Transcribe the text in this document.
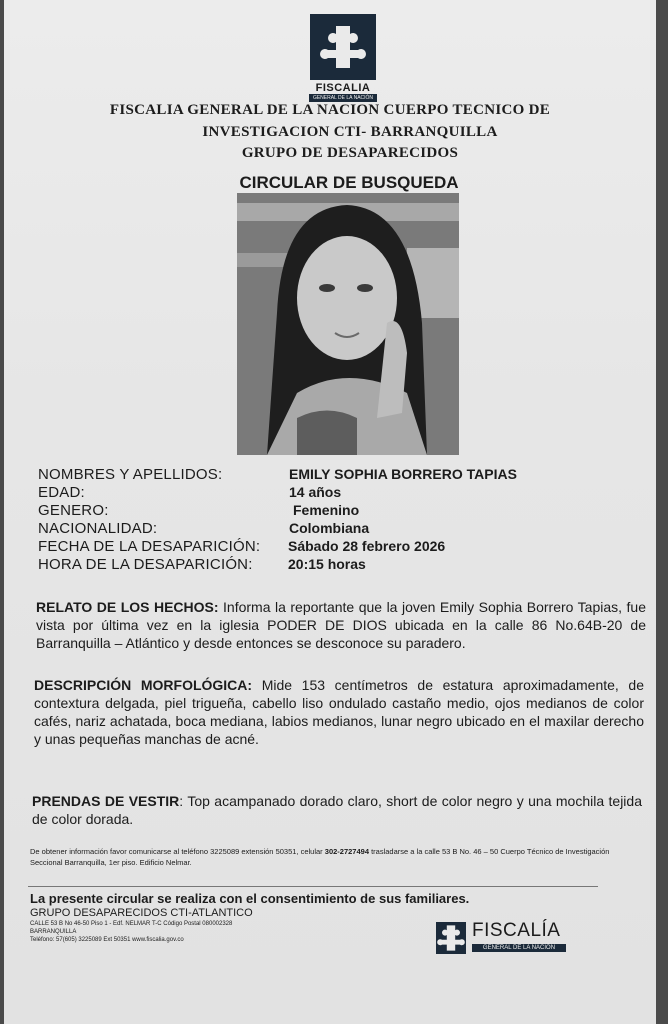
FISCALIA
GENERAL DE LA NACIÓN
FISCALIA GENERAL DE LA NACION CUERPO TECNICO DE
INVESTIGACION CTI- BARRANQUILLA
GRUPO DE DESAPARECIDOS
CIRCULAR DE BUSQUEDA
NOMBRES Y APELLIDOS:	EMILY SOPHIA BORRERO TAPIAS
EDAD:	14 años
GENERO:	Femenino
NACIONALIDAD:	Colombiana
FECHA DE LA DESAPARICIÓN: Sábado 28 febrero 2026
HORA DE LA DESAPARICIÓN:	20:15 horas
RELATO DE LOS HECHOS: Informa la reportante que la joven Emily Sophia Borrero Tapias, fue vista por última vez en la iglesia PODER DE DIOS ubicada en la calle 86 No.64B-20 de Barranquilla – Atlántico y desde entonces se desconoce su paradero.
DESCRIPCIÓN MORFOLÓGICA: Mide 153 centímetros de estatura aproximadamente, de contextura delgada, piel trigueña, cabello liso ondulado castaño medio, ojos medianos de color cafés, nariz achatada, boca mediana, labios medianos, lunar negro ubicado en el maxilar derecho y unas pequeñas manchas de acné.
PRENDAS DE VESTIR: Top acampanado dorado claro, short de color negro y una mochila tejida de color dorada.
De obtener información favor comunicarse al teléfono 3225089 extensión 50351, celular 302-2727494 trasladarse a la calle 53 B No. 46 – 50 Cuerpo Técnico de Investigación Seccional Barranquilla, 1er piso. Edificio Nelmar.
La presente circular se realiza con el consentimiento de sus familiares.
GRUPO DESAPARECIDOS CTI-ATLANTICO
CALLE 53 B No 46-50 Piso 1 - Edf. NELMAR T-C Código Postal 080002328
BARRANQUILLA
Teléfono: 57(605) 3225089 Ext 50351 www.fiscalia.gov.co	FISCALÍA
GENERAL DE LA NACIÓN
